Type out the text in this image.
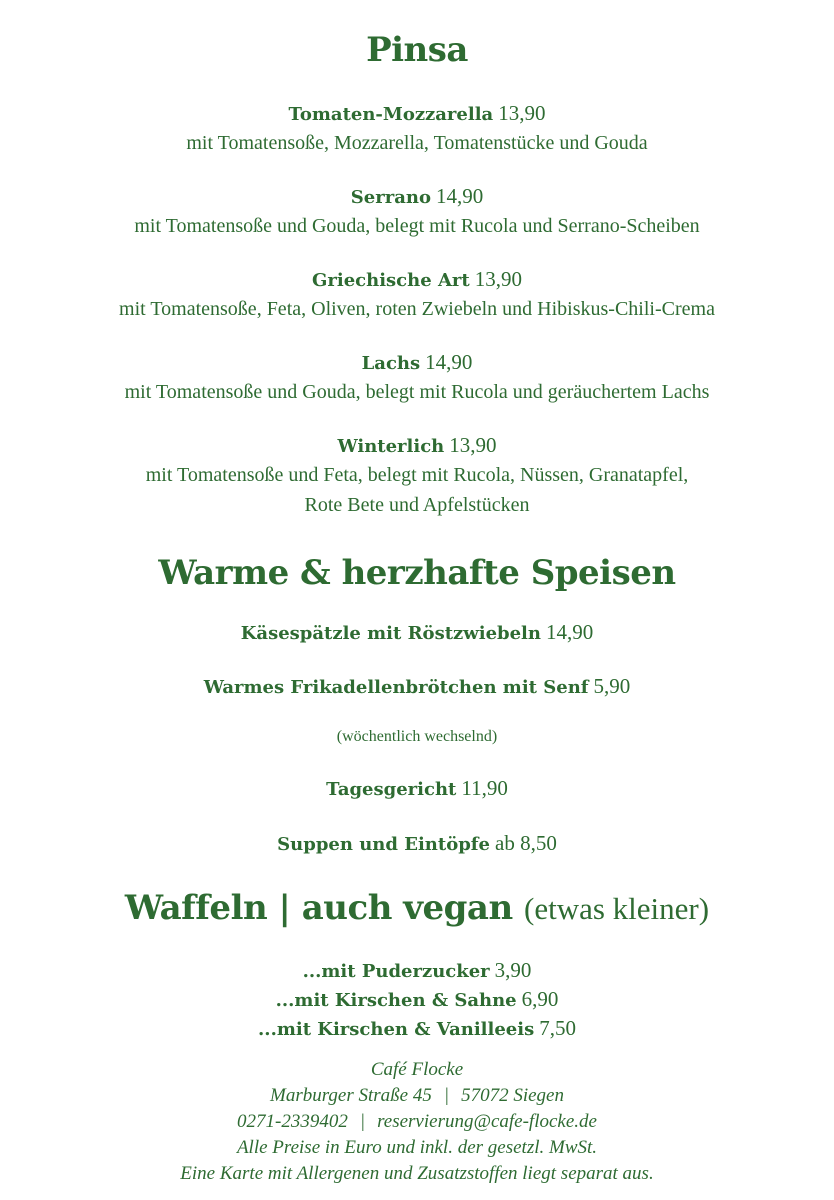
Pinsa
Tomaten-Mozzarella 13,90
mit Tomatensoße, Mozzarella, Tomatenstücke und Gouda
Serrano 14,90
mit Tomatensoße und Gouda, belegt mit Rucola und Serrano-Scheiben
Griechische Art 13,90
mit Tomatensoße, Feta, Oliven, roten Zwiebeln und Hibiskus-Chili-Crema
Lachs 14,90
mit Tomatensoße und Gouda, belegt mit Rucola und geräuchertem Lachs
Winterlich 13,90
mit Tomatensoße und Feta, belegt mit Rucola, Nüssen, Granatapfel,
Rote Bete und Apfelstücken
Warme & herzhafte Speisen
Käsespätzle mit Röstzwiebeln 14,90
Warmes Frikadellenbrötchen mit Senf 5,90
(wöchentlich wechselnd)
Tagesgericht 11,90
Suppen und Eintöpfe ab 8,50
Waffeln | auch vegan (etwas kleiner)
...mit Puderzucker 3,90
...mit Kirschen & Sahne 6,90
...mit Kirschen & Vanilleeis 7,50
Café Flocke
Marburger Straße 45 | 57072 Siegen
0271-2339402 | reservierung@cafe-flocke.de
Alle Preise in Euro und inkl. der gesetzl. MwSt.
Eine Karte mit Allergenen und Zusatzstoffen liegt separat aus.
